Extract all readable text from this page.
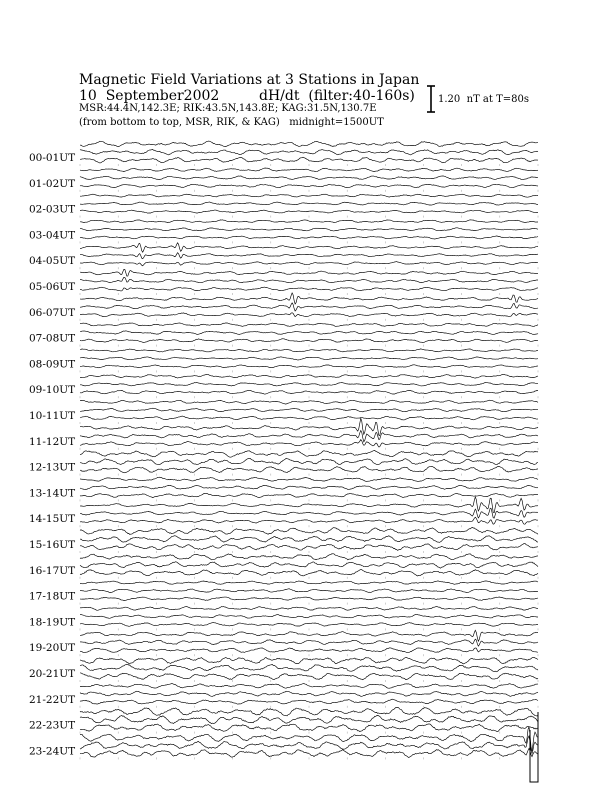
Magnetic Field Variations at 3 Stations in Japan
10  September2002	dH/dt  (filter:40-160s)
MSR:44.4N,142.3E; RIK:43.5N,143.8E; KAG:31.5N,130.7E
(from bottom to top, MSR, RIK, & KAG)   midnight=1500UT
1.20  nT at T=80s
00-01UT
01-02UT
02-03UT
03-04UT
04-05UT
05-06UT
06-07UT
07-08UT
08-09UT
09-10UT
10-11UT
11-12UT
12-13UT
13-14UT
14-15UT
15-16UT
16-17UT
17-18UT
18-19UT
19-20UT
20-21UT
21-22UT
22-23UT
23-24UT
